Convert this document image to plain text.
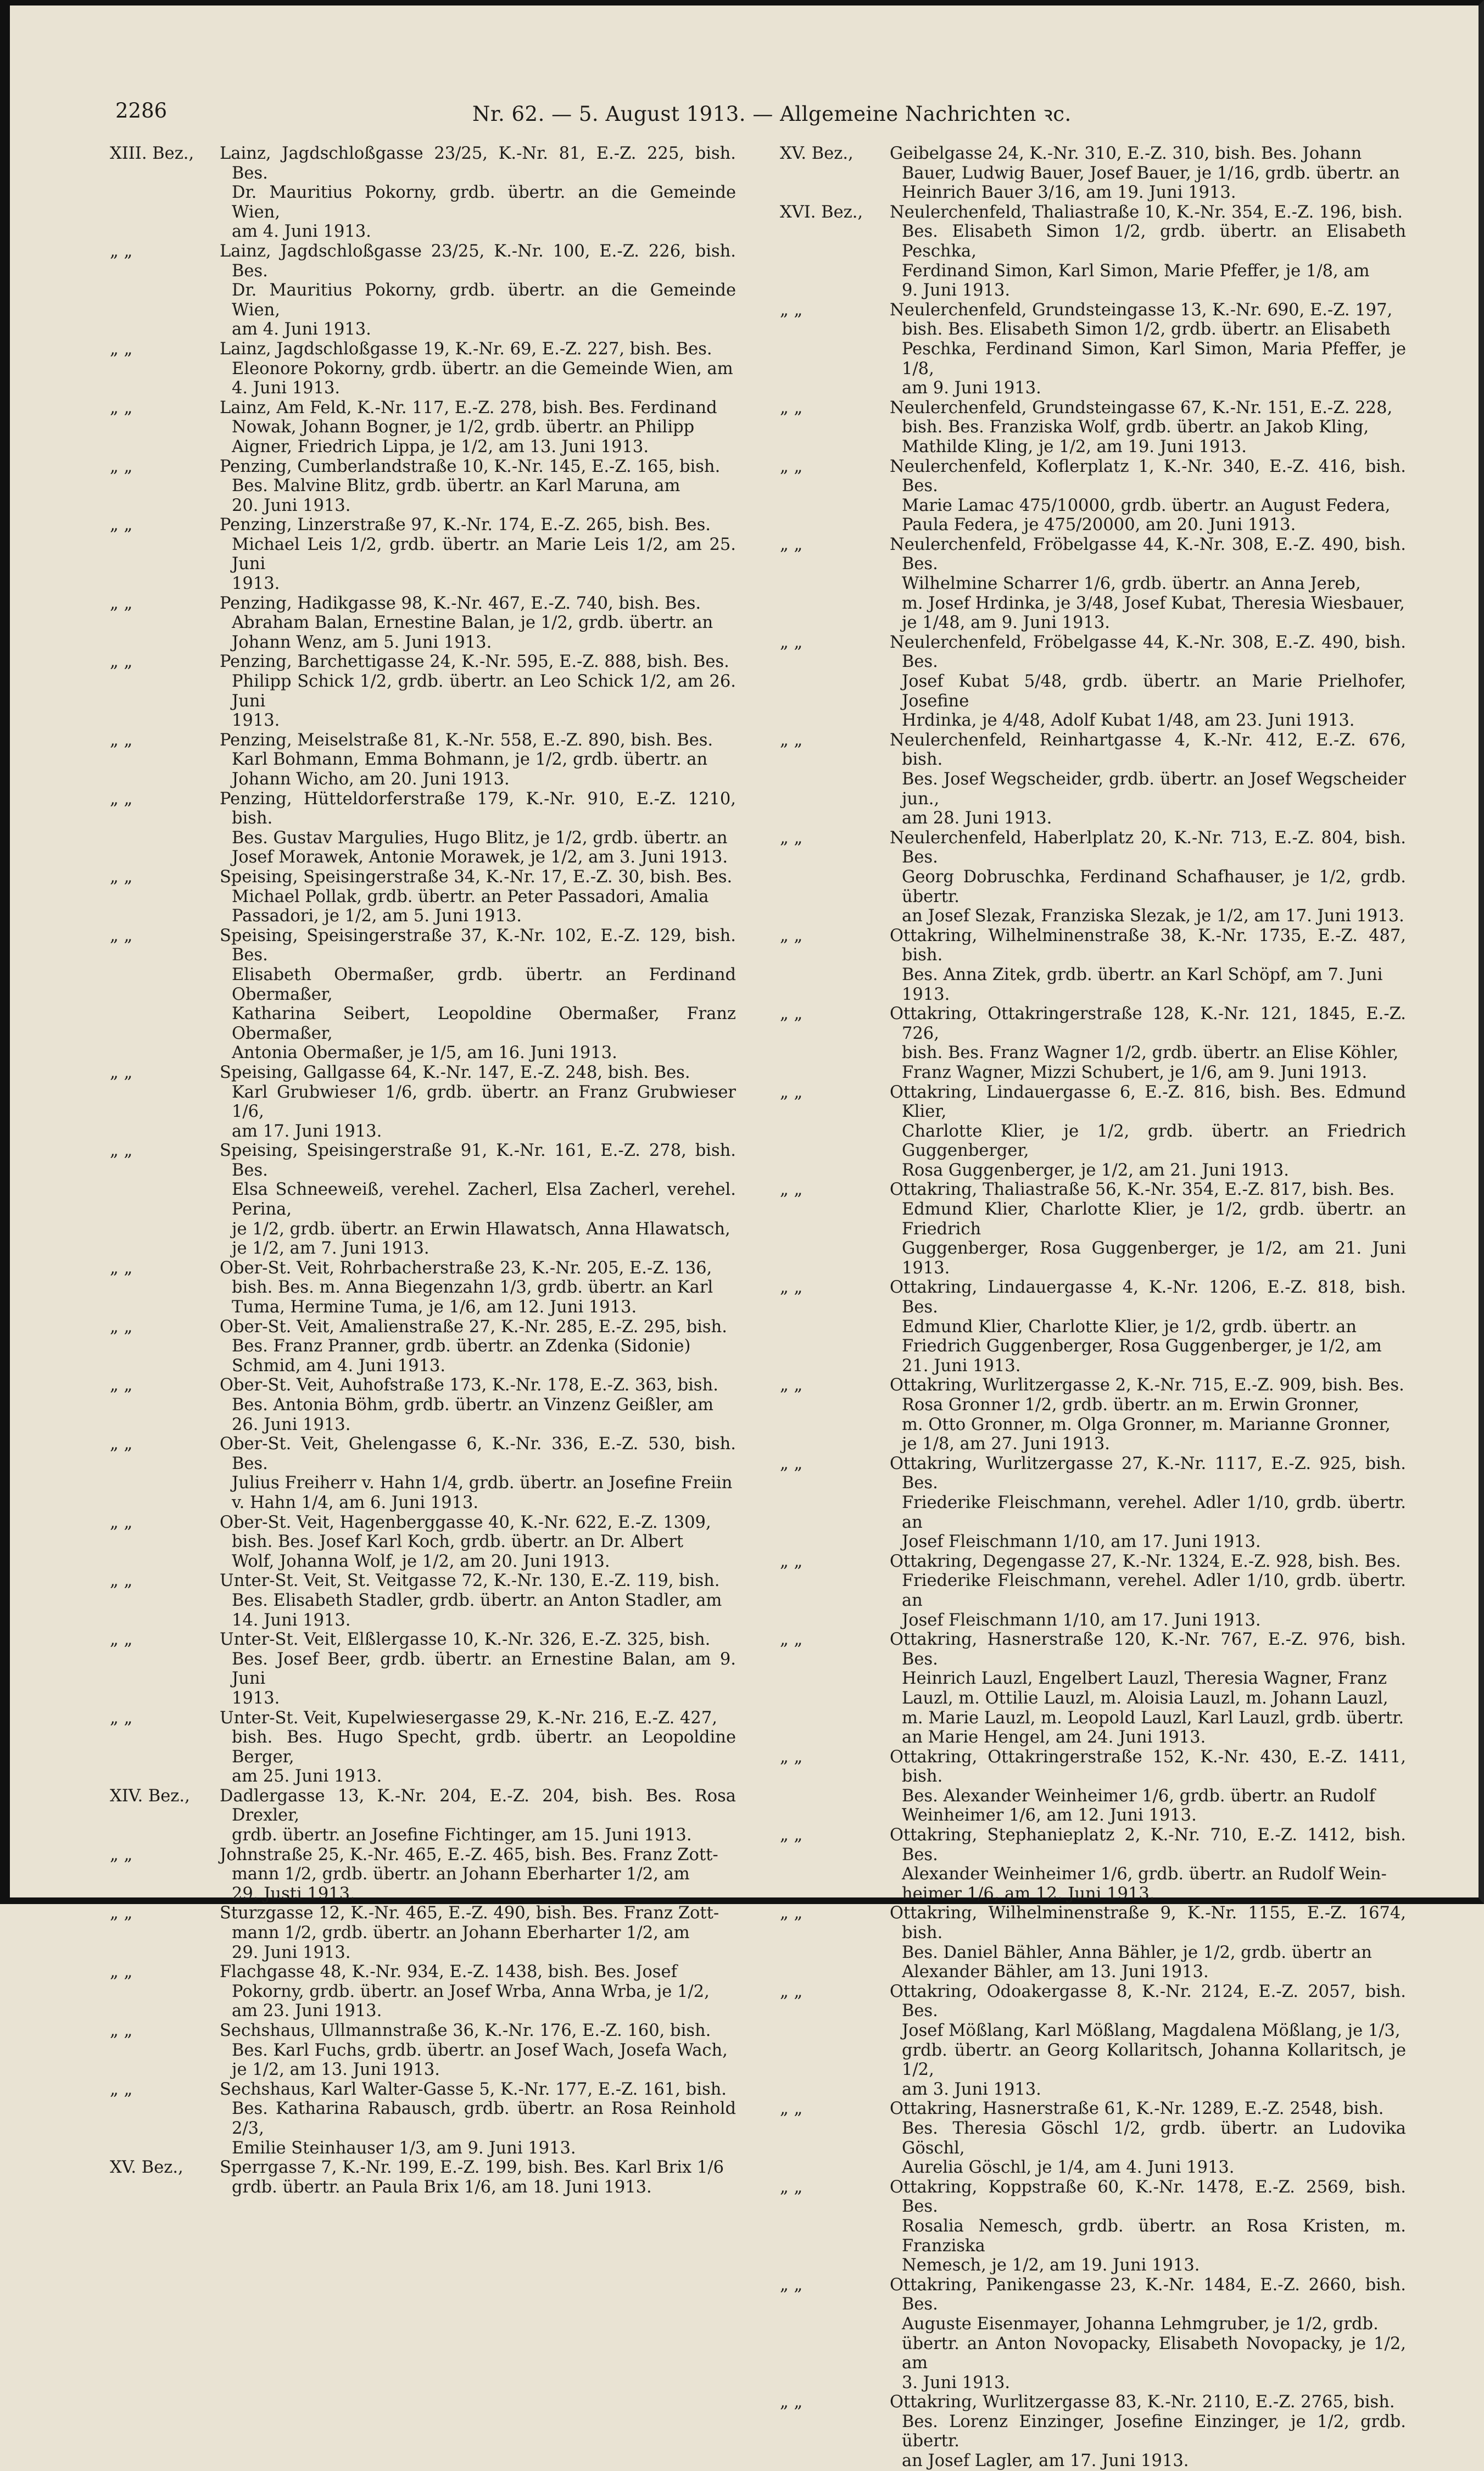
2286	Nr. 62. — 5. August 1913. — Allgemeine Nachrichten ꝛc.
XIII. Bez.,	Lainz, Jagdschloßgasse 23/25, K.-Nr. 81, E.-Z. 225, bish. Bes.
Dr. Mauritius Pokorny, grdb. übertr. an die Gemeinde Wien,
am 4. Juni 1913.
„ „	Lainz, Jagdschloßgasse 23/25, K.-Nr. 100, E.-Z. 226, bish. Bes.
Dr. Mauritius Pokorny, grdb. übertr. an die Gemeinde Wien,
am 4. Juni 1913.
„ „	Lainz, Jagdschloßgasse 19, K.-Nr. 69, E.-Z. 227, bish. Bes.
Eleonore Pokorny, grdb. übertr. an die Gemeinde Wien, am
4. Juni 1913.
„ „	Lainz, Am Feld, K.-Nr. 117, E.-Z. 278, bish. Bes. Ferdinand
Nowak, Johann Bogner, je 1/2, grdb. übertr. an Philipp
Aigner, Friedrich Lippa, je 1/2, am 13. Juni 1913.
„ „	Penzing, Cumberlandstraße 10, K.-Nr. 145, E.-Z. 165, bish.
Bes. Malvine Blitz, grdb. übertr. an Karl Maruna, am
20. Juni 1913.
„ „	Penzing, Linzerstraße 97, K.-Nr. 174, E.-Z. 265, bish. Bes.
Michael Leis 1/2, grdb. übertr. an Marie Leis 1/2, am 25. Juni
1913.
„ „	Penzing, Hadikgasse 98, K.-Nr. 467, E.-Z. 740, bish. Bes.
Abraham Balan, Ernestine Balan, je 1/2, grdb. übertr. an
Johann Wenz, am 5. Juni 1913.
„ „	Penzing, Barchettigasse 24, K.-Nr. 595, E.-Z. 888, bish. Bes.
Philipp Schick 1/2, grdb. übertr. an Leo Schick 1/2, am 26. Juni
1913.
„ „	Penzing, Meiselstraße 81, K.-Nr. 558, E.-Z. 890, bish. Bes.
Karl Bohmann, Emma Bohmann, je 1/2, grdb. übertr. an
Johann Wicho, am 20. Juni 1913.
„ „	Penzing, Hütteldorferstraße 179, K.-Nr. 910, E.-Z. 1210, bish.
Bes. Gustav Margulies, Hugo Blitz, je 1/2, grdb. übertr. an
Josef Morawek, Antonie Morawek, je 1/2, am 3. Juni 1913.
„ „	Speising, Speisingerstraße 34, K.-Nr. 17, E.-Z. 30, bish. Bes.
Michael Pollak, grdb. übertr. an Peter Passadori, Amalia
Passadori, je 1/2, am 5. Juni 1913.
„ „	Speising, Speisingerstraße 37, K.-Nr. 102, E.-Z. 129, bish. Bes.
Elisabeth Obermaßer, grdb. übertr. an Ferdinand Obermaßer,
Katharina Seibert, Leopoldine Obermaßer, Franz Obermaßer,
Antonia Obermaßer, je 1/5, am 16. Juni 1913.
„ „	Speising, Gallgasse 64, K.-Nr. 147, E.-Z. 248, bish. Bes.
Karl Grubwieser 1/6, grdb. übertr. an Franz Grubwieser 1/6,
am 17. Juni 1913.
„ „	Speising, Speisingerstraße 91, K.-Nr. 161, E.-Z. 278, bish. Bes.
Elsa Schneeweiß, verehel. Zacherl, Elsa Zacherl, verehel. Perina,
je 1/2, grdb. übertr. an Erwin Hlawatsch, Anna Hlawatsch,
je 1/2, am 7. Juni 1913.
„ „	Ober-St. Veit, Rohrbacherstraße 23, K.-Nr. 205, E.-Z. 136,
bish. Bes. m. Anna Biegenzahn 1/3, grdb. übertr. an Karl
Tuma, Hermine Tuma, je 1/6, am 12. Juni 1913.
„ „	Ober-St. Veit, Amalienstraße 27, K.-Nr. 285, E.-Z. 295, bish.
Bes. Franz Pranner, grdb. übertr. an Zdenka (Sidonie)
Schmid, am 4. Juni 1913.
„ „	Ober-St. Veit, Auhofstraße 173, K.-Nr. 178, E.-Z. 363, bish.
Bes. Antonia Böhm, grdb. übertr. an Vinzenz Geißler, am
26. Juni 1913.
„ „	Ober-St. Veit, Ghelengasse 6, K.-Nr. 336, E.-Z. 530, bish. Bes.
Julius Freiherr v. Hahn 1/4, grdb. übertr. an Josefine Freiin
v. Hahn 1/4, am 6. Juni 1913.
„ „	Ober-St. Veit, Hagenberggasse 40, K.-Nr. 622, E.-Z. 1309,
bish. Bes. Josef Karl Koch, grdb. übertr. an Dr. Albert
Wolf, Johanna Wolf, je 1/2, am 20. Juni 1913.
„ „	Unter-St. Veit, St. Veitgasse 72, K.-Nr. 130, E.-Z. 119, bish.
Bes. Elisabeth Stadler, grdb. übertr. an Anton Stadler, am
14. Juni 1913.
„ „	Unter-St. Veit, Elßlergasse 10, K.-Nr. 326, E.-Z. 325, bish.
Bes. Josef Beer, grdb. übertr. an Ernestine Balan, am 9. Juni
1913.
„ „	Unter-St. Veit, Kupelwiesergasse 29, K.-Nr. 216, E.-Z. 427,
bish. Bes. Hugo Specht, grdb. übertr. an Leopoldine Berger,
am 25. Juni 1913.
XIV. Bez.,	Dadlergasse 13, K.-Nr. 204, E.-Z. 204, bish. Bes. Rosa Drexler,
grdb. übertr. an Josefine Fichtinger, am 15. Juni 1913.
„ „	Johnstraße 25, K.-Nr. 465, E.-Z. 465, bish. Bes. Franz Zott-
mann 1/2, grdb. übertr. an Johann Eberharter 1/2, am
29. Justi 1913.
„ „	Sturzgasse 12, K.-Nr. 465, E.-Z. 490, bish. Bes. Franz Zott-
mann 1/2, grdb. übertr. an Johann Eberharter 1/2, am
29. Juni 1913.
„ „	Flachgasse 48, K.-Nr. 934, E.-Z. 1438, bish. Bes. Josef
Pokorny, grdb. übertr. an Josef Wrba, Anna Wrba, je 1/2,
am 23. Juni 1913.
„ „	Sechshaus, Ullmannstraße 36, K.-Nr. 176, E.-Z. 160, bish.
Bes. Karl Fuchs, grdb. übertr. an Josef Wach, Josefa Wach,
je 1/2, am 13. Juni 1913.
„ „	Sechshaus, Karl Walter-Gasse 5, K.-Nr. 177, E.-Z. 161, bish.
Bes. Katharina Rabausch, grdb. übertr. an Rosa Reinhold 2/3,
Emilie Steinhauser 1/3, am 9. Juni 1913.
XV. Bez.,	Sperrgasse 7, K.-Nr. 199, E.-Z. 199, bish. Bes. Karl Brix 1/6
grdb. übertr. an Paula Brix 1/6, am 18. Juni 1913.
XV. Bez.,	Geibelgasse 24, K.-Nr. 310, E.-Z. 310, bish. Bes. Johann
Bauer, Ludwig Bauer, Josef Bauer, je 1/16, grdb. übertr. an
Heinrich Bauer 3/16, am 19. Juni 1913.
XVI. Bez.,	Neulerchenfeld, Thaliastraße 10, K.-Nr. 354, E.-Z. 196, bish.
Bes. Elisabeth Simon 1/2, grdb. übertr. an Elisabeth Peschka,
Ferdinand Simon, Karl Simon, Marie Pfeffer, je 1/8, am
9. Juni 1913.
„ „	Neulerchenfeld, Grundsteingasse 13, K.-Nr. 690, E.-Z. 197,
bish. Bes. Elisabeth Simon 1/2, grdb. übertr. an Elisabeth
Peschka, Ferdinand Simon, Karl Simon, Maria Pfeffer, je 1/8,
am 9. Juni 1913.
„ „	Neulerchenfeld, Grundsteingasse 67, K.-Nr. 151, E.-Z. 228,
bish. Bes. Franziska Wolf, grdb. übertr. an Jakob Kling,
Mathilde Kling, je 1/2, am 19. Juni 1913.
„ „	Neulerchenfeld, Koflerplatz 1, K.-Nr. 340, E.-Z. 416, bish. Bes.
Marie Lamac 475/10000, grdb. übertr. an August Federa,
Paula Federa, je 475/20000, am 20. Juni 1913.
„ „	Neulerchenfeld, Fröbelgasse 44, K.-Nr. 308, E.-Z. 490, bish. Bes.
Wilhelmine Scharrer 1/6, grdb. übertr. an Anna Jereb,
m. Josef Hrdinka, je 3/48, Josef Kubat, Theresia Wiesbauer,
je 1/48, am 9. Juni 1913.
„ „	Neulerchenfeld, Fröbelgasse 44, K.-Nr. 308, E.-Z. 490, bish. Bes.
Josef Kubat 5/48, grdb. übertr. an Marie Prielhofer, Josefine
Hrdinka, je 4/48, Adolf Kubat 1/48, am 23. Juni 1913.
„ „	Neulerchenfeld, Reinhartgasse 4, K.-Nr. 412, E.-Z. 676, bish.
Bes. Josef Wegscheider, grdb. übertr. an Josef Wegscheider jun.,
am 28. Juni 1913.
„ „	Neulerchenfeld, Haberlplatz 20, K.-Nr. 713, E.-Z. 804, bish. Bes.
Georg Dobruschka, Ferdinand Schafhauser, je 1/2, grdb. übertr.
an Josef Slezak, Franziska Slezak, je 1/2, am 17. Juni 1913.
„ „	Ottakring, Wilhelminenstraße 38, K.-Nr. 1735, E.-Z. 487, bish.
Bes. Anna Zitek, grdb. übertr. an Karl Schöpf, am 7. Juni
1913.
„ „	Ottakring, Ottakringerstraße 128, K.-Nr. 121, 1845, E.-Z. 726,
bish. Bes. Franz Wagner 1/2, grdb. übertr. an Elise Köhler,
Franz Wagner, Mizzi Schubert, je 1/6, am 9. Juni 1913.
„ „	Ottakring, Lindauergasse 6, E.-Z. 816, bish. Bes. Edmund Klier,
Charlotte Klier, je 1/2, grdb. übertr. an Friedrich Guggenberger,
Rosa Guggenberger, je 1/2, am 21. Juni 1913.
„ „	Ottakring, Thaliastraße 56, K.-Nr. 354, E.-Z. 817, bish. Bes.
Edmund Klier, Charlotte Klier, je 1/2, grdb. übertr. an Friedrich
Guggenberger, Rosa Guggenberger, je 1/2, am 21. Juni 1913.
„ „	Ottakring, Lindauergasse 4, K.-Nr. 1206, E.-Z. 818, bish. Bes.
Edmund Klier, Charlotte Klier, je 1/2, grdb. übertr. an
Friedrich Guggenberger, Rosa Guggenberger, je 1/2, am
21. Juni 1913.
„ „	Ottakring, Wurlitzergasse 2, K.-Nr. 715, E.-Z. 909, bish. Bes.
Rosa Gronner 1/2, grdb. übertr. an m. Erwin Gronner,
m. Otto Gronner, m. Olga Gronner, m. Marianne Gronner,
je 1/8, am 27. Juni 1913.
„ „	Ottakring, Wurlitzergasse 27, K.-Nr. 1117, E.-Z. 925, bish. Bes.
Friederike Fleischmann, verehel. Adler 1/10, grdb. übertr. an
Josef Fleischmann 1/10, am 17. Juni 1913.
„ „	Ottakring, Degengasse 27, K.-Nr. 1324, E.-Z. 928, bish. Bes.
Friederike Fleischmann, verehel. Adler 1/10, grdb. übertr. an
Josef Fleischmann 1/10, am 17. Juni 1913.
„ „	Ottakring, Hasnerstraße 120, K.-Nr. 767, E.-Z. 976, bish. Bes.
Heinrich Lauzl, Engelbert Lauzl, Theresia Wagner, Franz
Lauzl, m. Ottilie Lauzl, m. Aloisia Lauzl, m. Johann Lauzl,
m. Marie Lauzl, m. Leopold Lauzl, Karl Lauzl, grdb. übertr.
an Marie Hengel, am 24. Juni 1913.
„ „	Ottakring, Ottakringerstraße 152, K.-Nr. 430, E.-Z. 1411, bish.
Bes. Alexander Weinheimer 1/6, grdb. übertr. an Rudolf
Weinheimer 1/6, am 12. Juni 1913.
„ „	Ottakring, Stephanieplatz 2, K.-Nr. 710, E.-Z. 1412, bish. Bes.
Alexander Weinheimer 1/6, grdb. übertr. an Rudolf Wein-
heimer 1/6, am 12. Juni 1913.
„ „	Ottakring, Wilhelminenstraße 9, K.-Nr. 1155, E.-Z. 1674, bish.
Bes. Daniel Bähler, Anna Bähler, je 1/2, grdb. übertr an
Alexander Bähler, am 13. Juni 1913.
„ „	Ottakring, Odoakergasse 8, K.-Nr. 2124, E.-Z. 2057, bish. Bes.
Josef Mößlang, Karl Mößlang, Magdalena Mößlang, je 1/3,
grdb. übertr. an Georg Kollaritsch, Johanna Kollaritsch, je 1/2,
am 3. Juni 1913.
„ „	Ottakring, Hasnerstraße 61, K.-Nr. 1289, E.-Z. 2548, bish.
Bes. Theresia Göschl 1/2, grdb. übertr. an Ludovika Göschl,
Aurelia Göschl, je 1/4, am 4. Juni 1913.
„ „	Ottakring, Koppstraße 60, K.-Nr. 1478, E.-Z. 2569, bish. Bes.
Rosalia Nemesch, grdb. übertr. an Rosa Kristen, m. Franziska
Nemesch, je 1/2, am 19. Juni 1913.
„ „	Ottakring, Panikengasse 23, K.-Nr. 1484, E.-Z. 2660, bish. Bes.
Auguste Eisenmayer, Johanna Lehmgruber, je 1/2, grdb.
übertr. an Anton Novopacky, Elisabeth Novopacky, je 1/2, am
3. Juni 1913.
„ „	Ottakring, Wurlitzergasse 83, K.-Nr. 2110, E.-Z. 2765, bish.
Bes. Lorenz Einzinger, Josefine Einzinger, je 1/2, grdb. übertr.
an Josef Lagler, am 17. Juni 1913.
